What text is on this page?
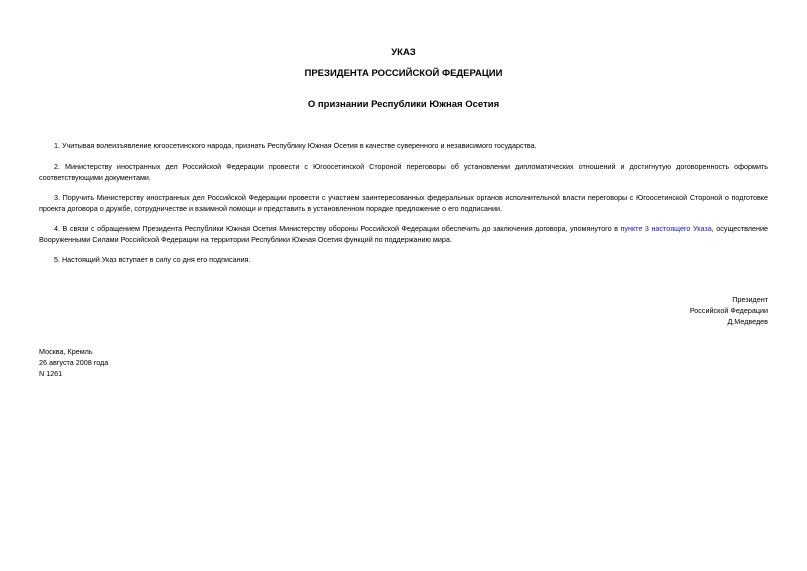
УКАЗ
ПРЕЗИДЕНТА РОССИЙСКОЙ ФЕДЕРАЦИИ
О признании Республики Южная Осетия

1. Учитывая волеизъявление югоосетинского народа, признать Республику Южная Осетия в качестве суверенного и независимого государства.

2. Министерству иностранных дел Российской Федерации провести с Югоосетинской Стороной переговоры об установлении дипломатических отношений и достигнутую договоренность оформить соответствующими документами.

3. Поручить Министерству иностранных дел Российской Федерации провести с участием заинтересованных федеральных органов исполнительной власти переговоры с Югоосетинской Стороной о подготовке проекта договора о дружбе, сотрудничестве и взаимной помощи и представить в установленном порядке предложение о его подписании.

4. В связи с обращением Президента Республики Южная Осетия Министерству обороны Российской Федерации обеспечить до заключения договора, упомянутого в пункте 3 настоящего Указа, осуществление Вооруженными Силами Российской Федерации на территории Республики Южная Осетия функций по поддержанию мира.

5. Настоящий Указ вступает в силу со дня его подписания.

Президент
Российской Федерации
Д.Медведев
Москва, Кремль
26 августа 2008 года
N 1261
